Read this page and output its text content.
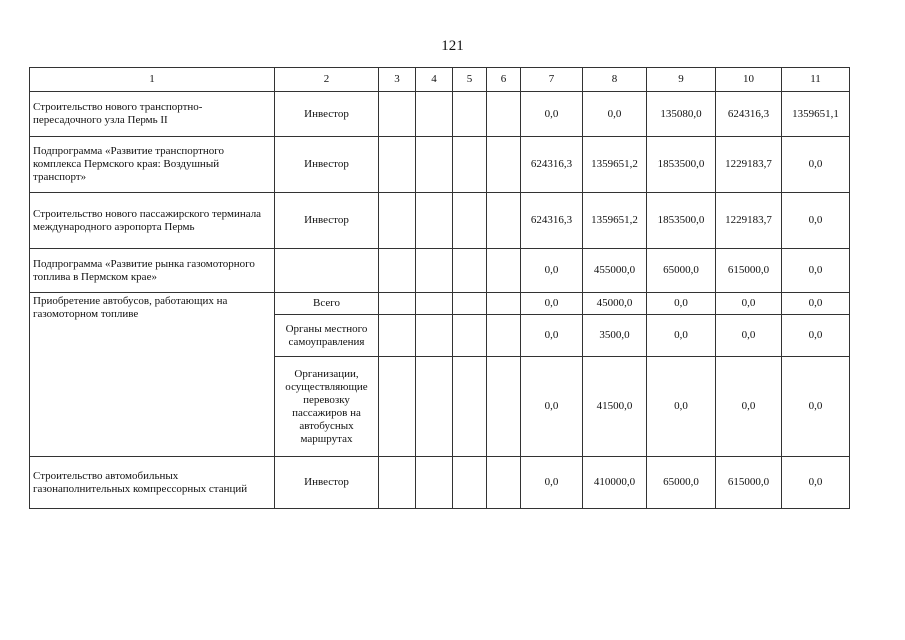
121
1	2	3	4	5	6	7	8	9	10	11
Строительство нового транспортно-пересадочного узла Пермь II	Инвестор					0,0	0,0	135080,0	624316,3	1359651,1
Подпрограмма «Развитие транспортного комплекса Пермского края: Воздушный транспорт»	Инвестор					624316,3	1359651,2	1853500,0	1229183,7	0,0
Строительство нового пассажирского терминала международного аэропорта Пермь	Инвестор					624316,3	1359651,2	1853500,0	1229183,7	0,0
Подпрограмма «Развитие рынка газомоторного топлива в Пермском крае»						0,0	455000,0	65000,0	615000,0	0,0
Приобретение автобусов, работающих на газомоторном топливе	Всего					0,0	45000,0	0,0	0,0	0,0
	Органы местного самоуправления					0,0	3500,0	0,0	0,0	0,0
	Организации, осуществляющие перевозку пассажиров на автобусных маршрутах					0,0	41500,0	0,0	0,0	0,0
Строительство автомобильных газонаполнительных компрессорных станций	Инвестор					0,0	410000,0	65000,0	615000,0	0,0
